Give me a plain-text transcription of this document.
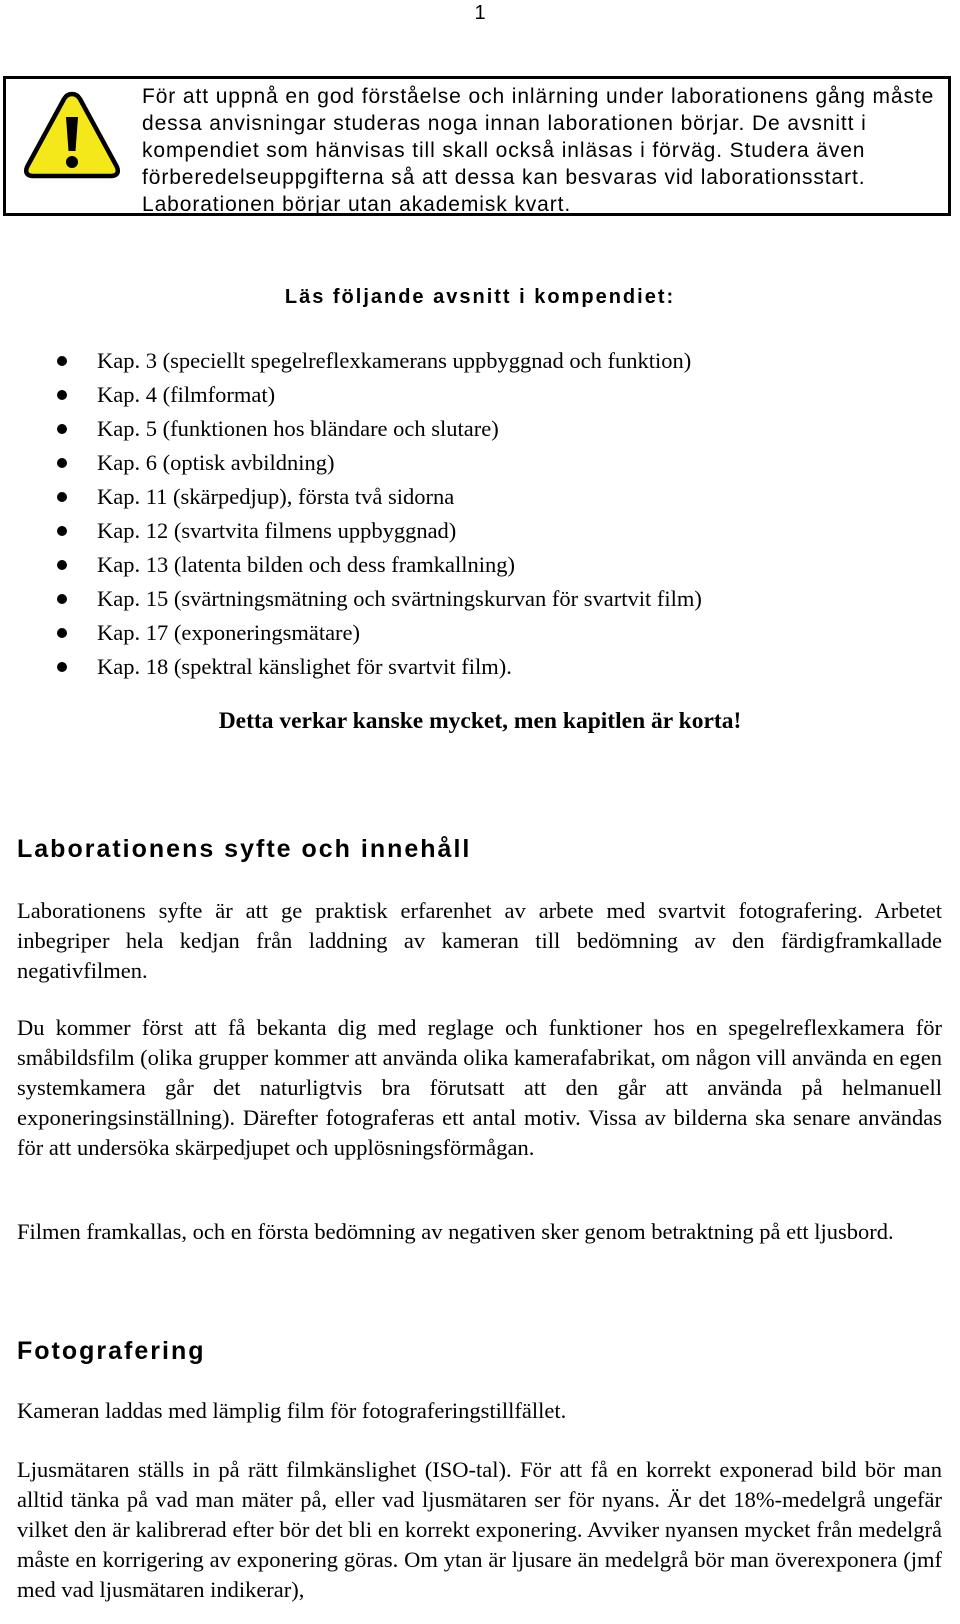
1
För att uppnå en god förståelse och inlärning under laborationens gång måste dessa anvisningar studeras noga innan laborationen börjar. De avsnitt i kompendiet som hänvisas till skall också inläsas i förväg. Studera även förberedelseuppgifterna så att dessa kan besvaras vid laborationsstart. Laborationen börjar utan akademisk kvart.
Läs följande avsnitt i kompendiet:
Kap. 3 (speciellt spegelreflexkamerans uppbyggnad och funktion)
Kap. 4 (filmformat)
Kap. 5 (funktionen hos bländare och slutare)
Kap. 6 (optisk avbildning)
Kap. 11 (skärpedjup), första två sidorna
Kap. 12 (svartvita filmens uppbyggnad)
Kap. 13 (latenta bilden och dess framkallning)
Kap. 15 (svärtningsmätning och svärtningskurvan för svartvit film)
Kap. 17 (exponeringsmätare)
Kap. 18 (spektral känslighet för svartvit film).
Detta verkar kanske mycket, men kapitlen är korta!
Laborationens syfte och innehåll

Laborationens syfte är att ge praktisk erfarenhet av arbete med svartvit fotografering. Arbetet inbegriper hela kedjan från laddning av kameran till bedömning av den färdigframkallade negativfilmen.

Du kommer först att få bekanta dig med reglage och funktioner hos en spegelreflexkamera för småbildsfilm (olika grupper kommer att använda olika kamerafabrikat, om någon vill använda en egen systemkamera går det naturligtvis bra förutsatt att den går att använda på helmanuell exponeringsinställning). Därefter fotograferas ett antal motiv. Vissa av bilderna ska senare användas för att undersöka skärpedjupet och upplösningsförmågan.

Filmen framkallas, och en första bedömning av negativen sker genom betraktning på ett ljusbord.

Fotografering

Kameran laddas med lämplig film för fotograferingstillfället.

Ljusmätaren ställs in på rätt filmkänslighet (ISO-tal). För att få en korrekt exponerad bild bör man alltid tänka på vad man mäter på, eller vad ljusmätaren ser för nyans. Är det 18%-medelgrå ungefär vilket den är kalibrerad efter bör det bli en korrekt exponering. Avviker nyansen mycket från medelgrå måste en korrigering av exponering göras. Om ytan är ljusare än medelgrå bör man överexponera (jmf med vad ljusmätaren indikerar),
